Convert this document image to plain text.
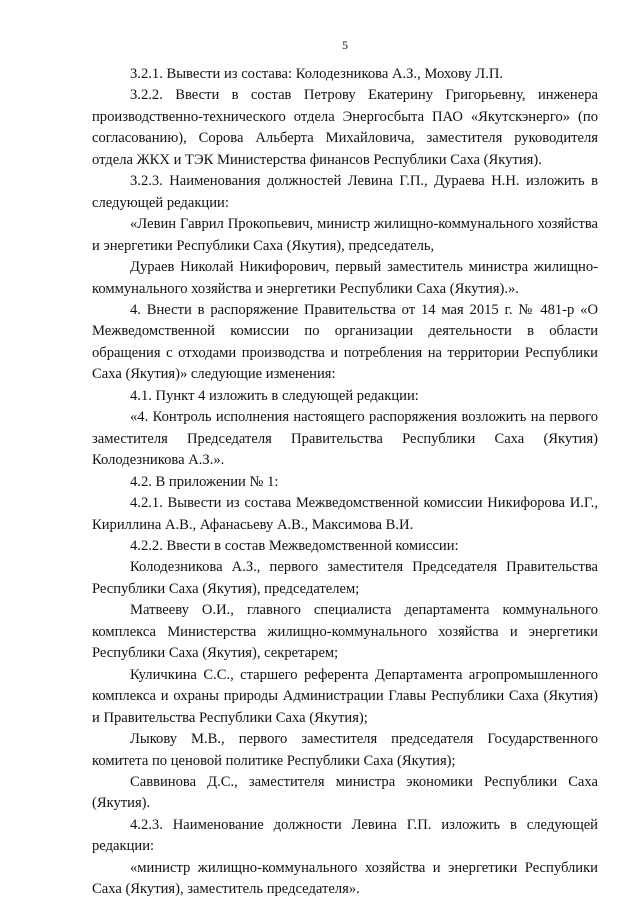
5

3.2.1. Вывести из состава: Колодезникова А.З., Мохову Л.П.

3.2.2. Ввести в состав Петрову Екатерину Григорьевну, инженера производственно-технического отдела Энергосбыта ПАО «Якутскэнерго» (по согласованию), Сорова Альберта Михайловича, заместителя руководителя отдела ЖКХ и ТЭК Министерства финансов Республики Саха (Якутия).

3.2.3. Наименования должностей Левина Г.П., Дураева Н.Н. изложить в следующей редакции:

«Левин Гаврил Прокопьевич, министр жилищно-коммунального хозяйства и энергетики Республики Саха (Якутия), председатель,

Дураев Николай Никифорович, первый заместитель министра жилищно-коммунального хозяйства и энергетики Республики Саха (Якутия).».

4. Внести в распоряжение Правительства от 14 мая 2015 г. № 481-р «О Межведомственной комиссии по организации деятельности в области обращения с отходами производства и потребления на территории Республики Саха (Якутия)» следующие изменения:

4.1. Пункт 4 изложить в следующей редакции:

«4. Контроль исполнения настоящего распоряжения возложить на первого заместителя Председателя Правительства Республики Саха (Якутия) Колодезникова А.З.».

4.2. В приложении № 1:

4.2.1. Вывести из состава Межведомственной комиссии Никифорова И.Г., Кириллина А.В., Афанасьеву А.В., Максимова В.И.

4.2.2. Ввести в состав Межведомственной комиссии:

Колодезникова А.З., первого заместителя Председателя Правительства Республики Саха (Якутия), председателем;

Матвееву О.И., главного специалиста департамента коммунального комплекса Министерства жилищно-коммунального хозяйства и энергетики Республики Саха (Якутия), секретарем;

Куличкина С.С., старшего референта Департамента агропромышленного комплекса и охраны природы Администрации Главы Республики Саха (Якутия) и Правительства Республики Саха (Якутия);

Лыкову М.В., первого заместителя председателя Государственного комитета по ценовой политике Республики Саха (Якутия);

Саввинова Д.С., заместителя министра экономики Республики Саха (Якутия).

4.2.3. Наименование должности Левина Г.П. изложить в следующей редакции:

«министр жилищно-коммунального хозяйства и энергетики Республики Саха (Якутия), заместитель председателя».
